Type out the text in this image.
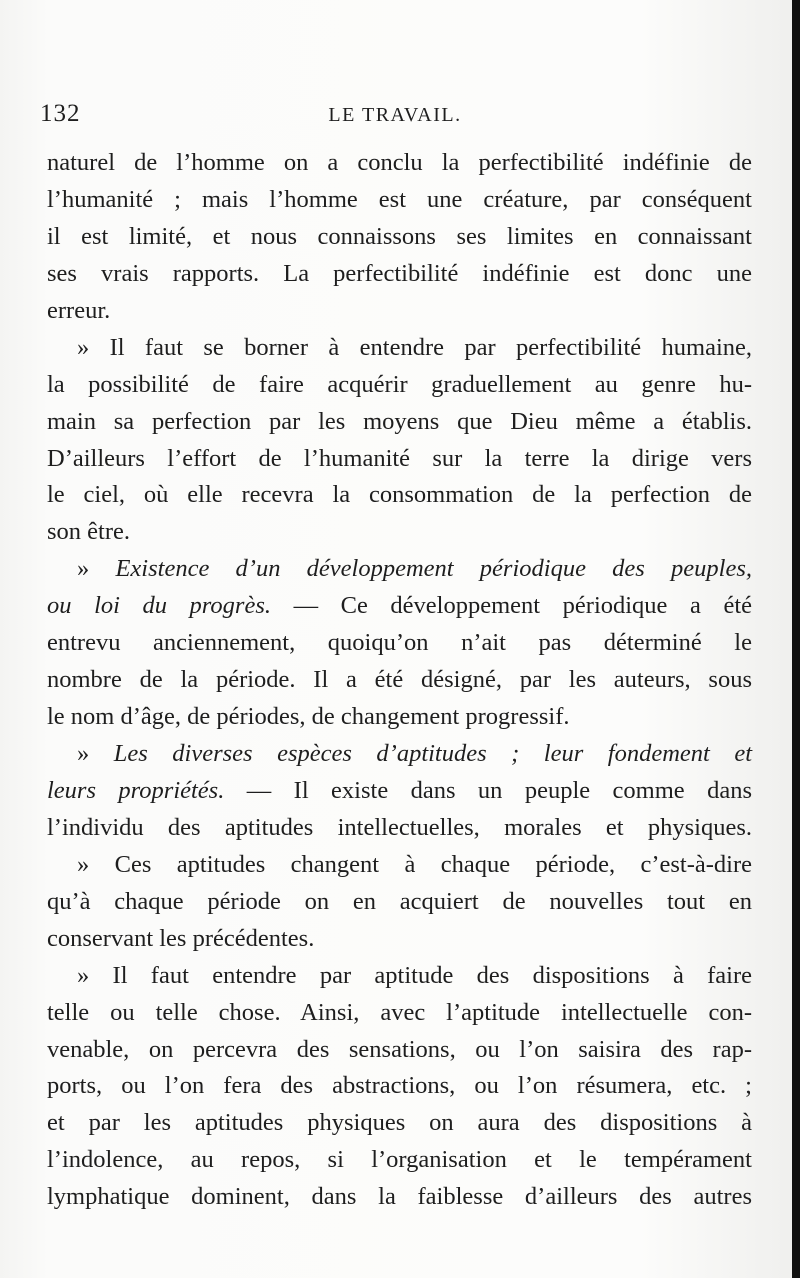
132	LE TRAVAIL.
naturel de l’homme on a conclu la perfectibilité indéfinie de
l’humanité ; mais l’homme est une créature, par conséquent
il est limité, et nous connaissons ses limites en connaissant
ses vrais rapports. La perfectibilité indéfinie est donc une
erreur.
» Il faut se borner à entendre par perfectibilité humaine,
la possibilité de faire acquérir graduellement au genre hu-
main sa perfection par les moyens que Dieu même a établis.
D’ailleurs l’effort de l’humanité sur la terre la dirige vers
le ciel, où elle recevra la consommation de la perfection de
son être.
» Existence d’un développement périodique des peuples,
ou loi du progrès. — Ce développement périodique a été
entrevu anciennement, quoiqu’on n’ait pas déterminé le
nombre de la période. Il a été désigné, par les auteurs, sous
le nom d’âge, de périodes, de changement progressif.
» Les diverses espèces d’aptitudes ; leur fondement et
leurs propriétés. — Il existe dans un peuple comme dans
l’individu des aptitudes intellectuelles, morales et physiques.
» Ces aptitudes changent à chaque période, c’est-à-dire
qu’à chaque période on en acquiert de nouvelles tout en
conservant les précédentes.
» Il faut entendre par aptitude des dispositions à faire
telle ou telle chose. Ainsi, avec l’aptitude intellectuelle con-
venable, on percevra des sensations, ou l’on saisira des rap-
ports, ou l’on fera des abstractions, ou l’on résumera, etc. ;
et par les aptitudes physiques on aura des dispositions à
l’indolence, au repos, si l’organisation et le tempérament
lymphatique dominent, dans la faiblesse d’ailleurs des autres
